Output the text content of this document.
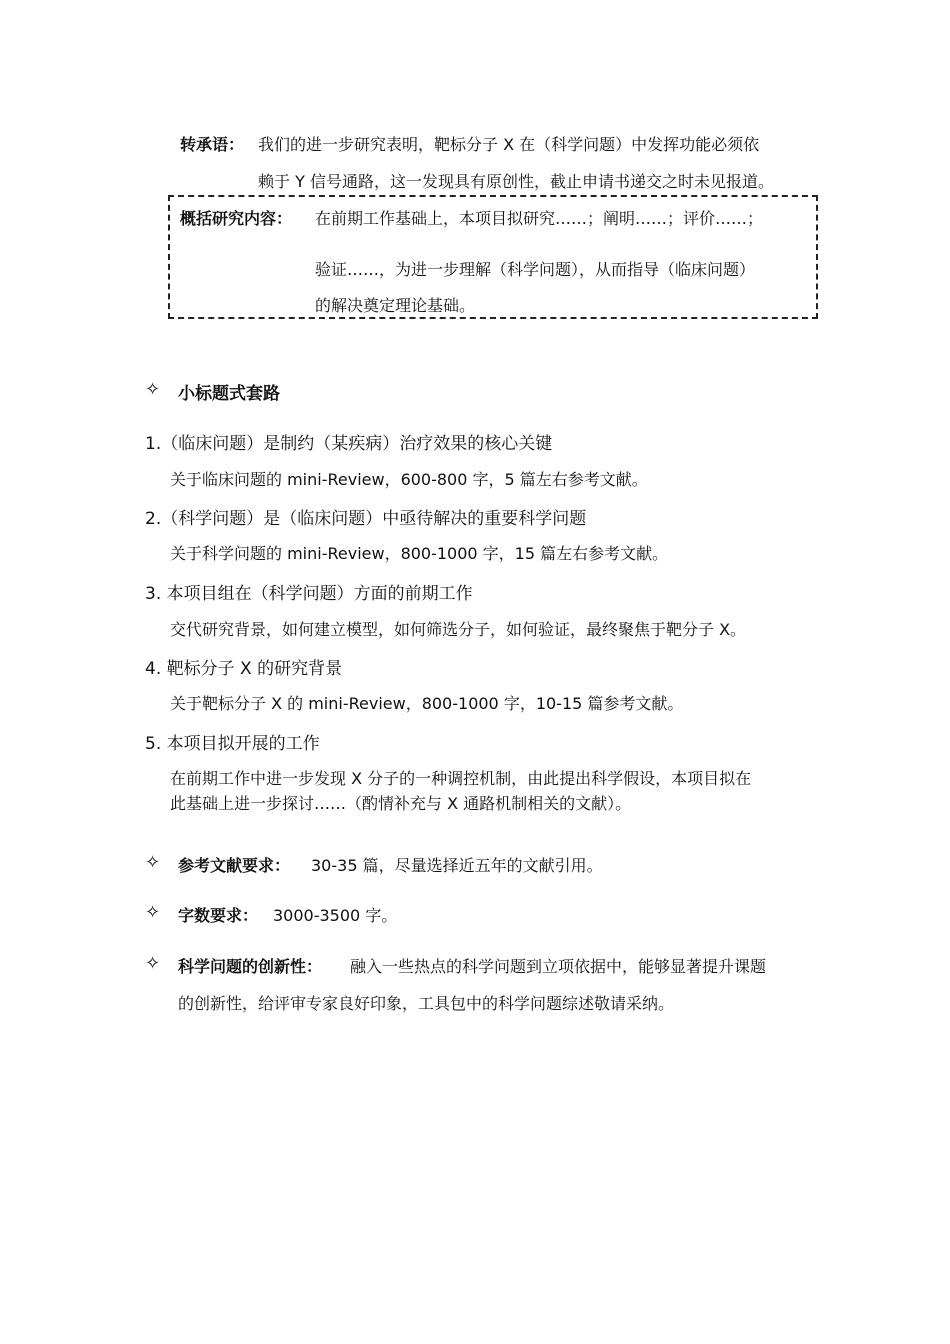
转承语： 我们的进一步研究表明，靶标分子 X 在（科学问题）中发挥功能必须依
赖于 Y 信号通路，这一发现具有原创性，截止申请书递交之时未见报道。
概括研究内容： 在前期工作基础上，本项目拟研究……；阐明……；评价……；
验证……，为进一步理解（科学问题），从而指导（临床问题）
的解决奠定理论基础。
✧ 小标题式套路
1.（临床问题）是制约（某疾病）治疗效果的核心关键
关于临床问题的 mini-Review，600-800 字，5 篇左右参考文献。
2.（科学问题）是（临床问题）中亟待解决的重要科学问题
关于科学问题的 mini-Review，800-1000 字，15 篇左右参考文献。
3. 本项目组在（科学问题）方面的前期工作
交代研究背景，如何建立模型，如何筛选分子，如何验证，最终聚焦于靶分子 X。
4. 靶标分子 X 的研究背景
关于靶标分子 X 的 mini-Review，800-1000 字，10-15 篇参考文献。
5. 本项目拟开展的工作
在前期工作中进一步发现 X 分子的一种调控机制，由此提出科学假设，本项目拟在
此基础上进一步探讨……（酌情补充与 X 通路机制相关的文献）。
✧ 参考文献要求： 30-35 篇，尽量选择近五年的文献引用。
✧ 字数要求： 3000-3500 字。
✧ 科学问题的创新性： 融入一些热点的科学问题到立项依据中，能够显著提升课题
的创新性，给评审专家良好印象，工具包中的科学问题综述敬请采纳。
